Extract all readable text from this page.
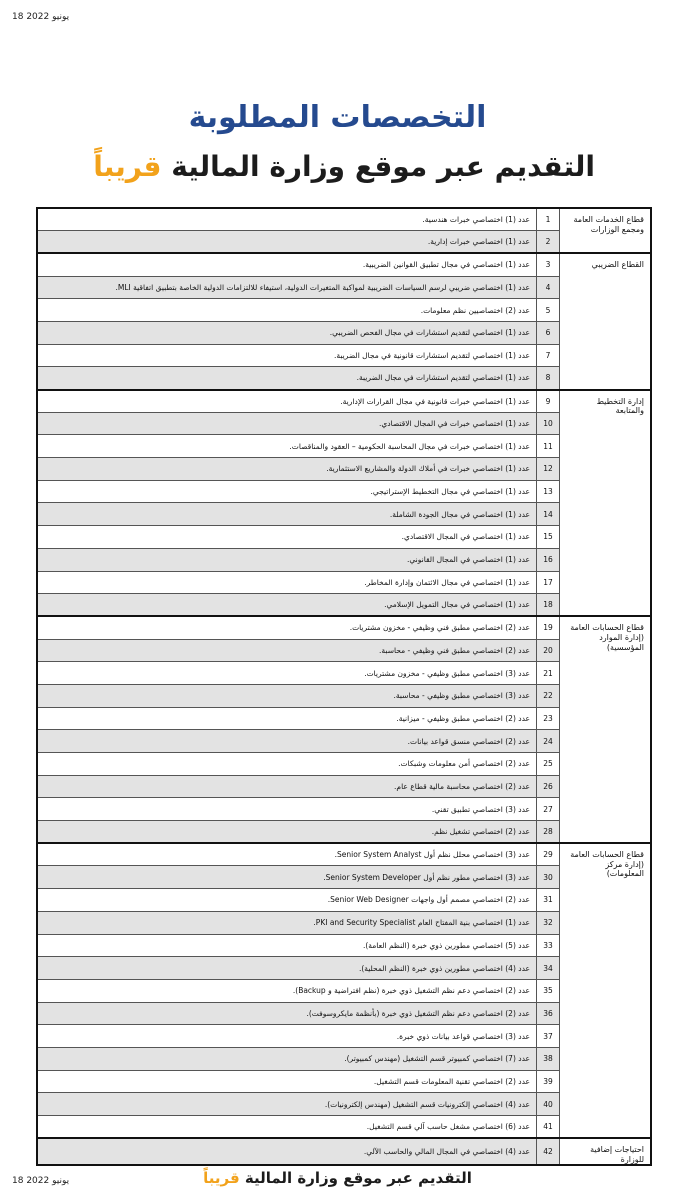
18 يونيو 2022
التخصصات المطلوبة
التقديم عبر موقع وزارة المالية قريباً
قطاع الخدمات العامة ومجمع الوزارات	1	عدد (1) اختصاصي خبرات هندسية.
	2	عدد (1) اختصاصي خبرات إدارية.
القطاع الضريبي	3	عدد (1) اختصاصي في مجال تطبيق القوانين الضريبية.
	4	عدد (1) اختصاصي ضريبي لرسم السياسات الضريبية لمواكبة المتغيرات الدولية، استيفاء للالتزامات الدولية الخاصة بتطبيق اتفاقية MLI.
	5	عدد (2) اختصاصيين نظم معلومات.
	6	عدد (1) اختصاصي لتقديم استشارات في مجال الفحص الضريبي.
	7	عدد (1) اختصاصي لتقديم استشارات قانونية في مجال الضريبة.
	8	عدد (1) اختصاصي لتقديم استشارات في مجال الضريبة.
إدارة التخطيط والمتابعة	9	عدد (1) اختصاصي خبرات قانونية في مجال القرارات الإدارية.
	10	عدد (1) اختصاصي خبرات في المجال الاقتصادي.
	11	عدد (1) اختصاصي خبرات في مجال المحاسبة الحكومية – العقود والمناقصات.
	12	عدد (1) اختصاصي خبرات في أملاك الدولة والمشاريع الاستثمارية.
	13	عدد (1) اختصاصي في مجال التخطيط الإستراتيجي.
	14	عدد (1) اختصاصي في مجال الجودة الشاملة.
	15	عدد (1) اختصاصي في المجال الاقتصادي.
	16	عدد (1) اختصاصي في المجال القانوني.
	17	عدد (1) اختصاصي في مجال الائتمان وإدارة المخاطر.
	18	عدد (1) اختصاصي في مجال التمويل الإسلامي.
قطاع الحسابات العامة (إدارة الموارد المؤسسية)	19	عدد (2) اختصاصي مطبق فني وظيفي - مخزون مشتريات.
	20	عدد (2) اختصاصي مطبق فني وظيفي - محاسبة.
	21	عدد (3) اختصاصي مطبق وظيفي - مخزون مشتريات.
	22	عدد (3) اختصاصي مطبق وظيفي - محاسبة.
	23	عدد (2) اختصاصي مطبق وظيفي - ميزانية.
	24	عدد (2) اختصاصي منسق قواعد بيانات.
	25	عدد (2) اختصاصي أمن معلومات وشبكات.
	26	عدد (2) اختصاصي محاسبة مالية قطاع عام.
	27	عدد (3) اختصاصي تطبيق تقني.
	28	عدد (2) اختصاصي تشغيل نظم.
قطاع الحسابات العامة (إدارة مركز المعلومات)	29	عدد (3) اختصاصي محلل نظم أول Senior System Analyst.
	30	عدد (3) اختصاصي مطور نظم أول Senior System Developer.
	31	عدد (2) اختصاصي مصمم أول واجهات Senior Web Designer.
	32	عدد (1) اختصاصي بنية المفتاح العام PKI and Security Specialist.
	33	عدد (5) اختصاصي مطورين ذوي خبرة (النظم العامة).
	34	عدد (4) اختصاصي مطورين ذوي خبرة (النظم المحلية).
	35	عدد (2) اختصاصي دعم نظم التشغيل ذوي خبرة (نظم افتراضية و Backup).
	36	عدد (2) اختصاصي دعم نظم التشغيل ذوي خبرة (بأنظمة مايكروسوفت).
	37	عدد (3) اختصاصي قواعد بيانات ذوي خبرة.
	38	عدد (7) اختصاصي كمبيوتر قسم التشغيل (مهندس كمبيوتر).
	39	عدد (2) اختصاصي تقنية المعلومات قسم التشغيل.
	40	عدد (4) اختصاصي إلكترونيات قسم التشغيل (مهندس إلكترونيات).
	41	عدد (6) اختصاصي مشغل حاسب آلي قسم التشغيل.
احتياجات إضافية للوزارة	42	عدد (4) اختصاصي في المجال المالي والحاسب الآلي.
18 يونيو 2022	التقديم عبر موقع وزارة المالية قريباً
